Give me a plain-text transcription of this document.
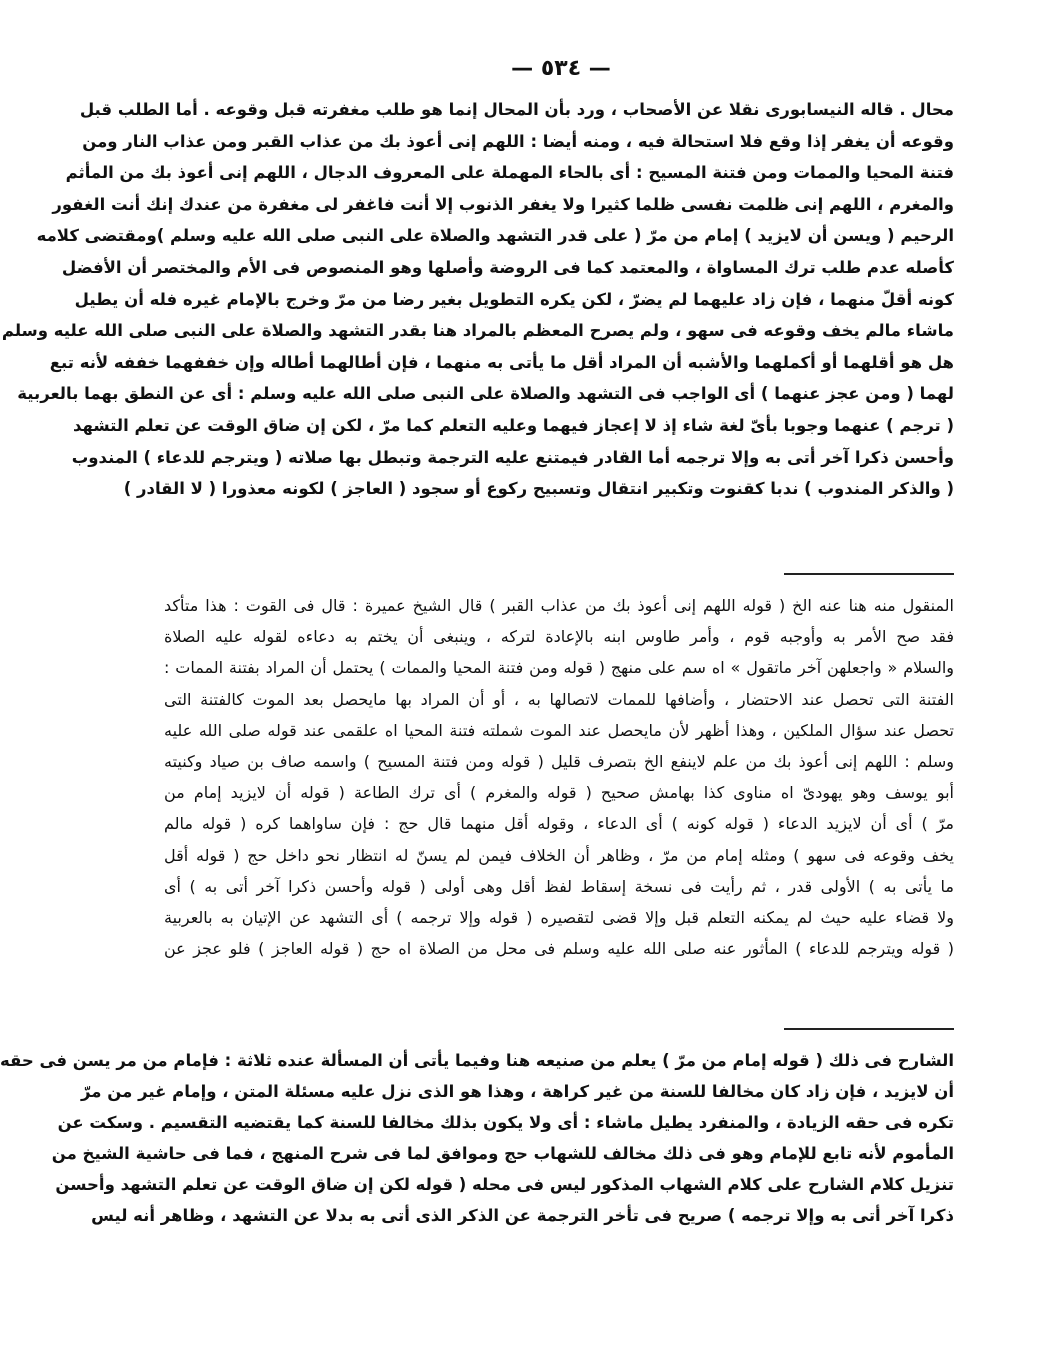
— ٥٣٤ —
محال . قاله النيسابورى نقلا عن الأصحاب ، ورد بأن المحال إنما هو طلب مغفرته قبل وقوعه . أما الطلب قبل
وقوعه أن يغفر إذا وقع فلا استحالة فيه ، ومنه أيضا : اللهم إنى أعوذ بك من عذاب القبر ومن عذاب النار ومن
فتنة المحيا والممات ومن فتنة المسيح : أى بالحاء المهملة على المعروف الدجال ، اللهم إنى أعوذ بك من المأثم
والمغرم ، اللهم إنى ظلمت نفسى ظلما كثيرا ولا يغفر الذنوب إلا أنت فاغفر لى مغفرة من عندك إنك أنت الغفور
الرحيم ( ويسن أن لايزيد ) إمام من مرّ ( على قدر التشهد والصلاة على النبى صلى الله عليه وسلم )ومقتضى كلامه
كأصله عدم طلب ترك المساواة ، والمعتمد كما فى الروضة وأصلها وهو المنصوص فى الأم والمختصر أن الأفضل
كونه أقلّ منهما ، فإن زاد عليهما لم يضرّ ، لكن يكره التطويل بغير رضا من مرّ وخرج بالإمام غيره فله أن يطيل
ماشاء مالم يخف وقوعه فى سهو ، ولم يصرح المعظم بالمراد هنا بقدر التشهد والصلاة على النبى صلى الله عليه وسلم
هل هو أقلهما أو أكملهما والأشبه أن المراد أقل ما يأتى به منهما ، فإن أطالهما أطاله وإن خففهما خففه لأنه تبع
لهما ( ومن عجز عنهما ) أى الواجب فى التشهد والصلاة على النبى صلى الله عليه وسلم : أى عن النطق بهما بالعربية
( ترجم ) عنهما وجوبا بأىّ لغة شاء إذ لا إعجاز فيهما وعليه التعلم كما مرّ ، لكن إن ضاق الوقت عن تعلم التشهد
وأحسن ذكرا آخر أتى به وإلا ترجمه أما القادر فيمتنع عليه الترجمة وتبطل بها صلاته ( ويترجم للدعاء ) المندوب
( والذكر المندوب ) ندبا كقنوت وتكبير انتقال وتسبيح ركوع أو سجود ( العاجز ) لكونه معذورا ( لا القادر )
المنقول منه هنا عنه الخ ( قوله اللهم إنى أعوذ بك من عذاب القبر ) قال الشيخ عميرة : قال فى القوت : هذا متأكد
فقد صح الأمر به وأوجبه قوم ، وأمر طاوس ابنه بالإعادة لتركه ، وينبغى أن يختم به دعاءه لقوله عليه الصلاة
والسلام « واجعلهن آخر ماتقول » اه سم على منهج ( قوله ومن فتنة المحيا والممات ) يحتمل أن المراد بفتنة الممات :
الفتنة التى تحصل عند الاحتضار ، وأضافها للممات لاتصالها به ، أو أن المراد بها مايحصل بعد الموت كالفتنة التى
تحصل عند سؤال الملكين ، وهذا أظهر لأن مايحصل عند الموت شملته فتنة المحيا اه علقمى عند قوله صلى الله عليه
وسلم : اللهم إنى أعوذ بك من علم لاينفع الخ بتصرف قليل ( قوله ومن فتنة المسيح ) واسمه صاف بن صياد وكنيته
أبو يوسف وهو يهودىّ اه مناوى كذا بهامش صحيح ( قوله والمغرم ) أى ترك الطاعة ( قوله أن لايزيد إمام من
مرّ ) أى أن لايزيد الدعاء ( قوله كونه ) أى الدعاء ، وقوله أقل منهما قال حج : فإن ساواهما كره ( قوله مالم
يخف وقوعه فى سهو ) ومثله إمام من مرّ ، وظاهر أن الخلاف فيمن لم يسنّ له انتظار نحو داخل حج ( قوله أقل
ما يأتى به ) الأولى قدر ، ثم رأيت فى نسخة إسقاط لفظ أقل وهى أولى ( قوله وأحسن ذكرا آخر أتى به ) أى
ولا قضاء عليه حيث لم يمكنه التعلم قبل وإلا قضى لتقصيره ( قوله وإلا ترجمه ) أى التشهد عن الإتيان به بالعربية
( قوله ويترجم للدعاء ) المأثور عنه صلى الله عليه وسلم فى محل من الصلاة اه حج ( قوله العاجز ) فلو عجز عن
الشارح فى ذلك ( قوله إمام من مرّ ) يعلم من صنيعه هنا وفيما يأتى أن المسألة عنده ثلاثة : فإمام من مر يسن فى حقه
أن لايزيد ، فإن زاد كان مخالفا للسنة من غير كراهة ، وهذا هو الذى نزل عليه مسئلة المتن ، وإمام غير من مرّ
تكره فى حقه الزيادة ، والمنفرد يطيل ماشاء : أى ولا يكون بذلك مخالفا للسنة كما يقتضيه التقسيم . وسكت عن
المأموم لأنه تابع للإمام وهو فى ذلك مخالف للشهاب حج وموافق لما فى شرح المنهج ، فما فى حاشية الشيخ من
تنزيل كلام الشارح على كلام الشهاب المذكور ليس فى محله ( قوله لكن إن ضاق الوقت عن تعلم التشهد وأحسن
ذكرا آخر أتى به وإلا ترجمه ) صريح فى تأخر الترجمة عن الذكر الذى أتى به بدلا عن التشهد ، وظاهر أنه ليس
